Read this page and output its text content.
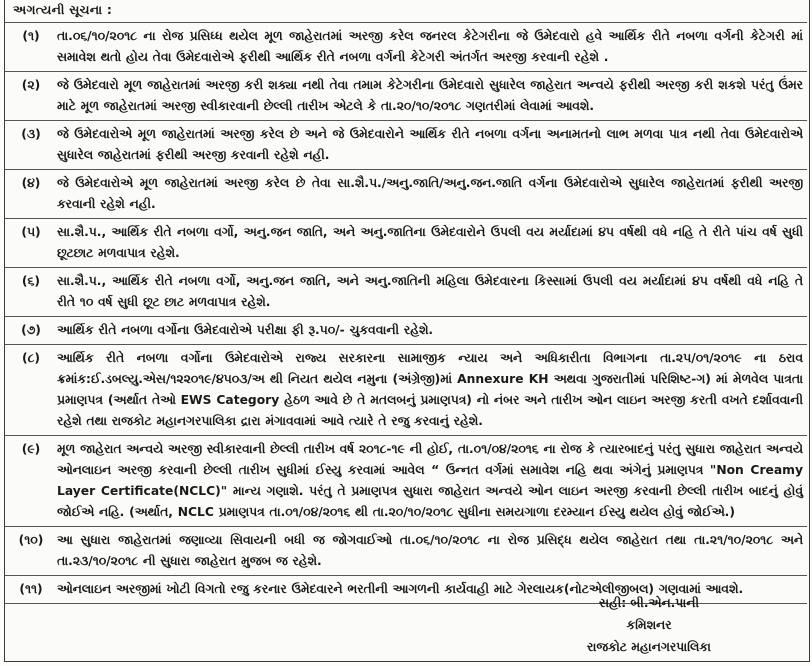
અગત્યની સૂચના :
(૧)	તા.૦૬/૧૦/૨૦૧૮ ના રોજ પ્રસિધ્ધ થયેલ મૂળ જાહેરાતમાં અરજી કરેલ જનરલ કેટેગરીના જે ઉમેદવારો હવે આર્થિક રીતે નબળા વર્ગની કેટેગરી માં સમાવેશ થતો હોય તેવા ઉમેદવારોએ ફરીથી આર્થિક રીતે નબળા વર્ગની કેટેગરી અંતર્ગત અરજી કરવાની રહેશે .
(૨)	જે ઉમેદવારો મૂળ જાહેરાતમાં અરજી કરી શક્યા નથી તેવા તમામ કેટેગરીના ઉમેદવારો સુધારેલ જાહેરાત અન્વયે ફરીથી અરજી કરી શકશે પરંતુ ઉંમર માટે મૂળ જાહેરાતમાં અરજી સ્વીકારવાની છેલ્લી તારીખ એટલે કે તા.૨૦/૧૦/૨૦૧૮ ગણતરીમાં લેવામાં આવશે.
(૩)	જે ઉમેદવારોએ મૂળ જાહેરાતમાં અરજી કરેલ છે અને જે ઉમેદવારોને આર્થિક રીતે નબળા વર્ગના અનામતનો લાભ મળવા પાત્ર નથી તેવા ઉમેદવારોએ સુધારેલ જાહેરાતમાં ફરીથી અરજી કરવાની રહેશે નહી.
(૪)	જે ઉમેદવારોએ મૂળ જાહેરાતમાં અરજી કરેલ છે તેવા સા.શૈ.પ./અનુ.જાતિ/અનુ.જન.જાતિ વર્ગના ઉમેદવારોએ સુધારેલ જાહેરાતમાં ફરીથી અરજી કરવાની રહેશે નહી.
(૫)	સા.શૈ.પ., આર્થિક રીતે નબળા વર્ગો, અનુ.જન જાતિ, અને અનુ.જાતિના ઉમેદવારોને ઉપલી વય મર્યાદામાં ૪૫ વર્ષથી વધે નહિ તે રીતે પાંચ વર્ષ સુધી છૂટછાટ મળવાપાત્ર રહેશે.
(૬)	સા.શૈ.પ., આર્થિક રીતે નબળા વર્ગો, અનુ.જન જાતિ, અને અનુ.જાતિની મહિલા ઉમેદવારના કિસ્સામાં ઉપલી વય મર્યાદામાં ૪૫ વર્ષથી વધે નહિ તે રીતે ૧૦ વર્ષ સુધી છૂટ છાટ મળવાપાત્ર રહેશે.
(૭)	આર્થિક રીતે નબળા વર્ગોના ઉમેદવારોએ પરીક્ષા ફી રૂ.૫૦/- ચુકવવાની રહેશે.
(૮)	આર્થિક રીતે નબળા વર્ગોના ઉમેદવારોએ રાજ્ય સરકારના સામાજીક ન્યાય અને અધિકારીતા વિભાગના તા.૨૫/૦૧/૨૦૧૯ ના ઠરાવ ક્રમાંક:ઈ.ડબલ્યુ.એસ/૧૨૨૦૧૯/૪૫૦૩/અ થી નિયત થયેલ નમુના (અંગ્રેજી)માં Annexure KH અથવા ગુજરાતીમાં પરિશિષ્ટ-ગ) માં મેળવેલ પાત્રતા પ્રમાણપત્ર (અર્થાત તેઓ EWS Category હેઠળ આવે છે તે મતલબનું પ્રમાણપત્ર) નો નંબર અને તારીખ ઓન લાઇન અરજી કરતી વખતે દર્શાવવાની રહેશે તથા રાજકોટ મહાનગરપાલિકા દ્રારા મંગાવવામાં આવે ત્યારે તે રજુ કરવાનું રહેશે.
(૯)	મૂળ જાહેરાત અન્વયે અરજી સ્વીકારવાની છેલ્લી તારીખ વર્ષ ૨૦૧૮-૧૯ ની હોઈ, તા.૦૧/૦૪/૨૦૧૬ ના રોજ કે ત્યારબાદનું પરંતુ સુધારા જાહેરાત અન્વયે ઓનલાઇન અરજી કરવાની છેલ્લી તારીખ સુધીમાં ઈસ્યુ કરવામાં આવેલ “ ઉન્નત વર્ગમાં સમાવેશ નહિ થવા અંગેનું પ્રમાણપત્ર "Non Creamy Layer Certificate(NCLC)" માન્ય ગણાશે. પરંતુ તે પ્રમાણપત્ર સુધારા જાહેરાત અન્વયે ઓન લાઇન અરજી કરવાની છેલ્લી તારીખ બાદનું હોવું જોઈએ નહિ. (અર્થાત, NCLC પ્રમાણપત્ર તા.૦૧/૦૪/૨૦૧૬ થી તા.૨૦/૧૦/૨૦૧૮ સુધીના સમયગાળા દરમ્યાન ઈસ્યુ થયેલ હોવું જોઈએ.)
(૧૦)	આ સુધારા જાહેરાતમાં જણાવ્યા સિવાયની બધી જ જોગવાઈઓ તા.૦૬/૧૦/૨૦૧૮ ના રોજ પ્રસિદ્ધ થયેલ જાહેરાત તથા તા.૨૧/૧૦/૨૦૧૮ અને તા.૨૩/૧૦/૨૦૧૮ ની સુધારા જાહેરાત મુજબ જ રહેશે.
(૧૧)	ઓનલાઇન અરજીમાં ખોટી વિગતો રજુ કરનાર ઉમેદવારને ભરતીની આગળની કાર્યવાહી માટે ગેરલાયક(નોટએલીજીબલ) ગણવામાં આવશે.
સહી: બી.એન.પાની
કમિશનર
રાજકોટ મહાનગરપાલિકા
